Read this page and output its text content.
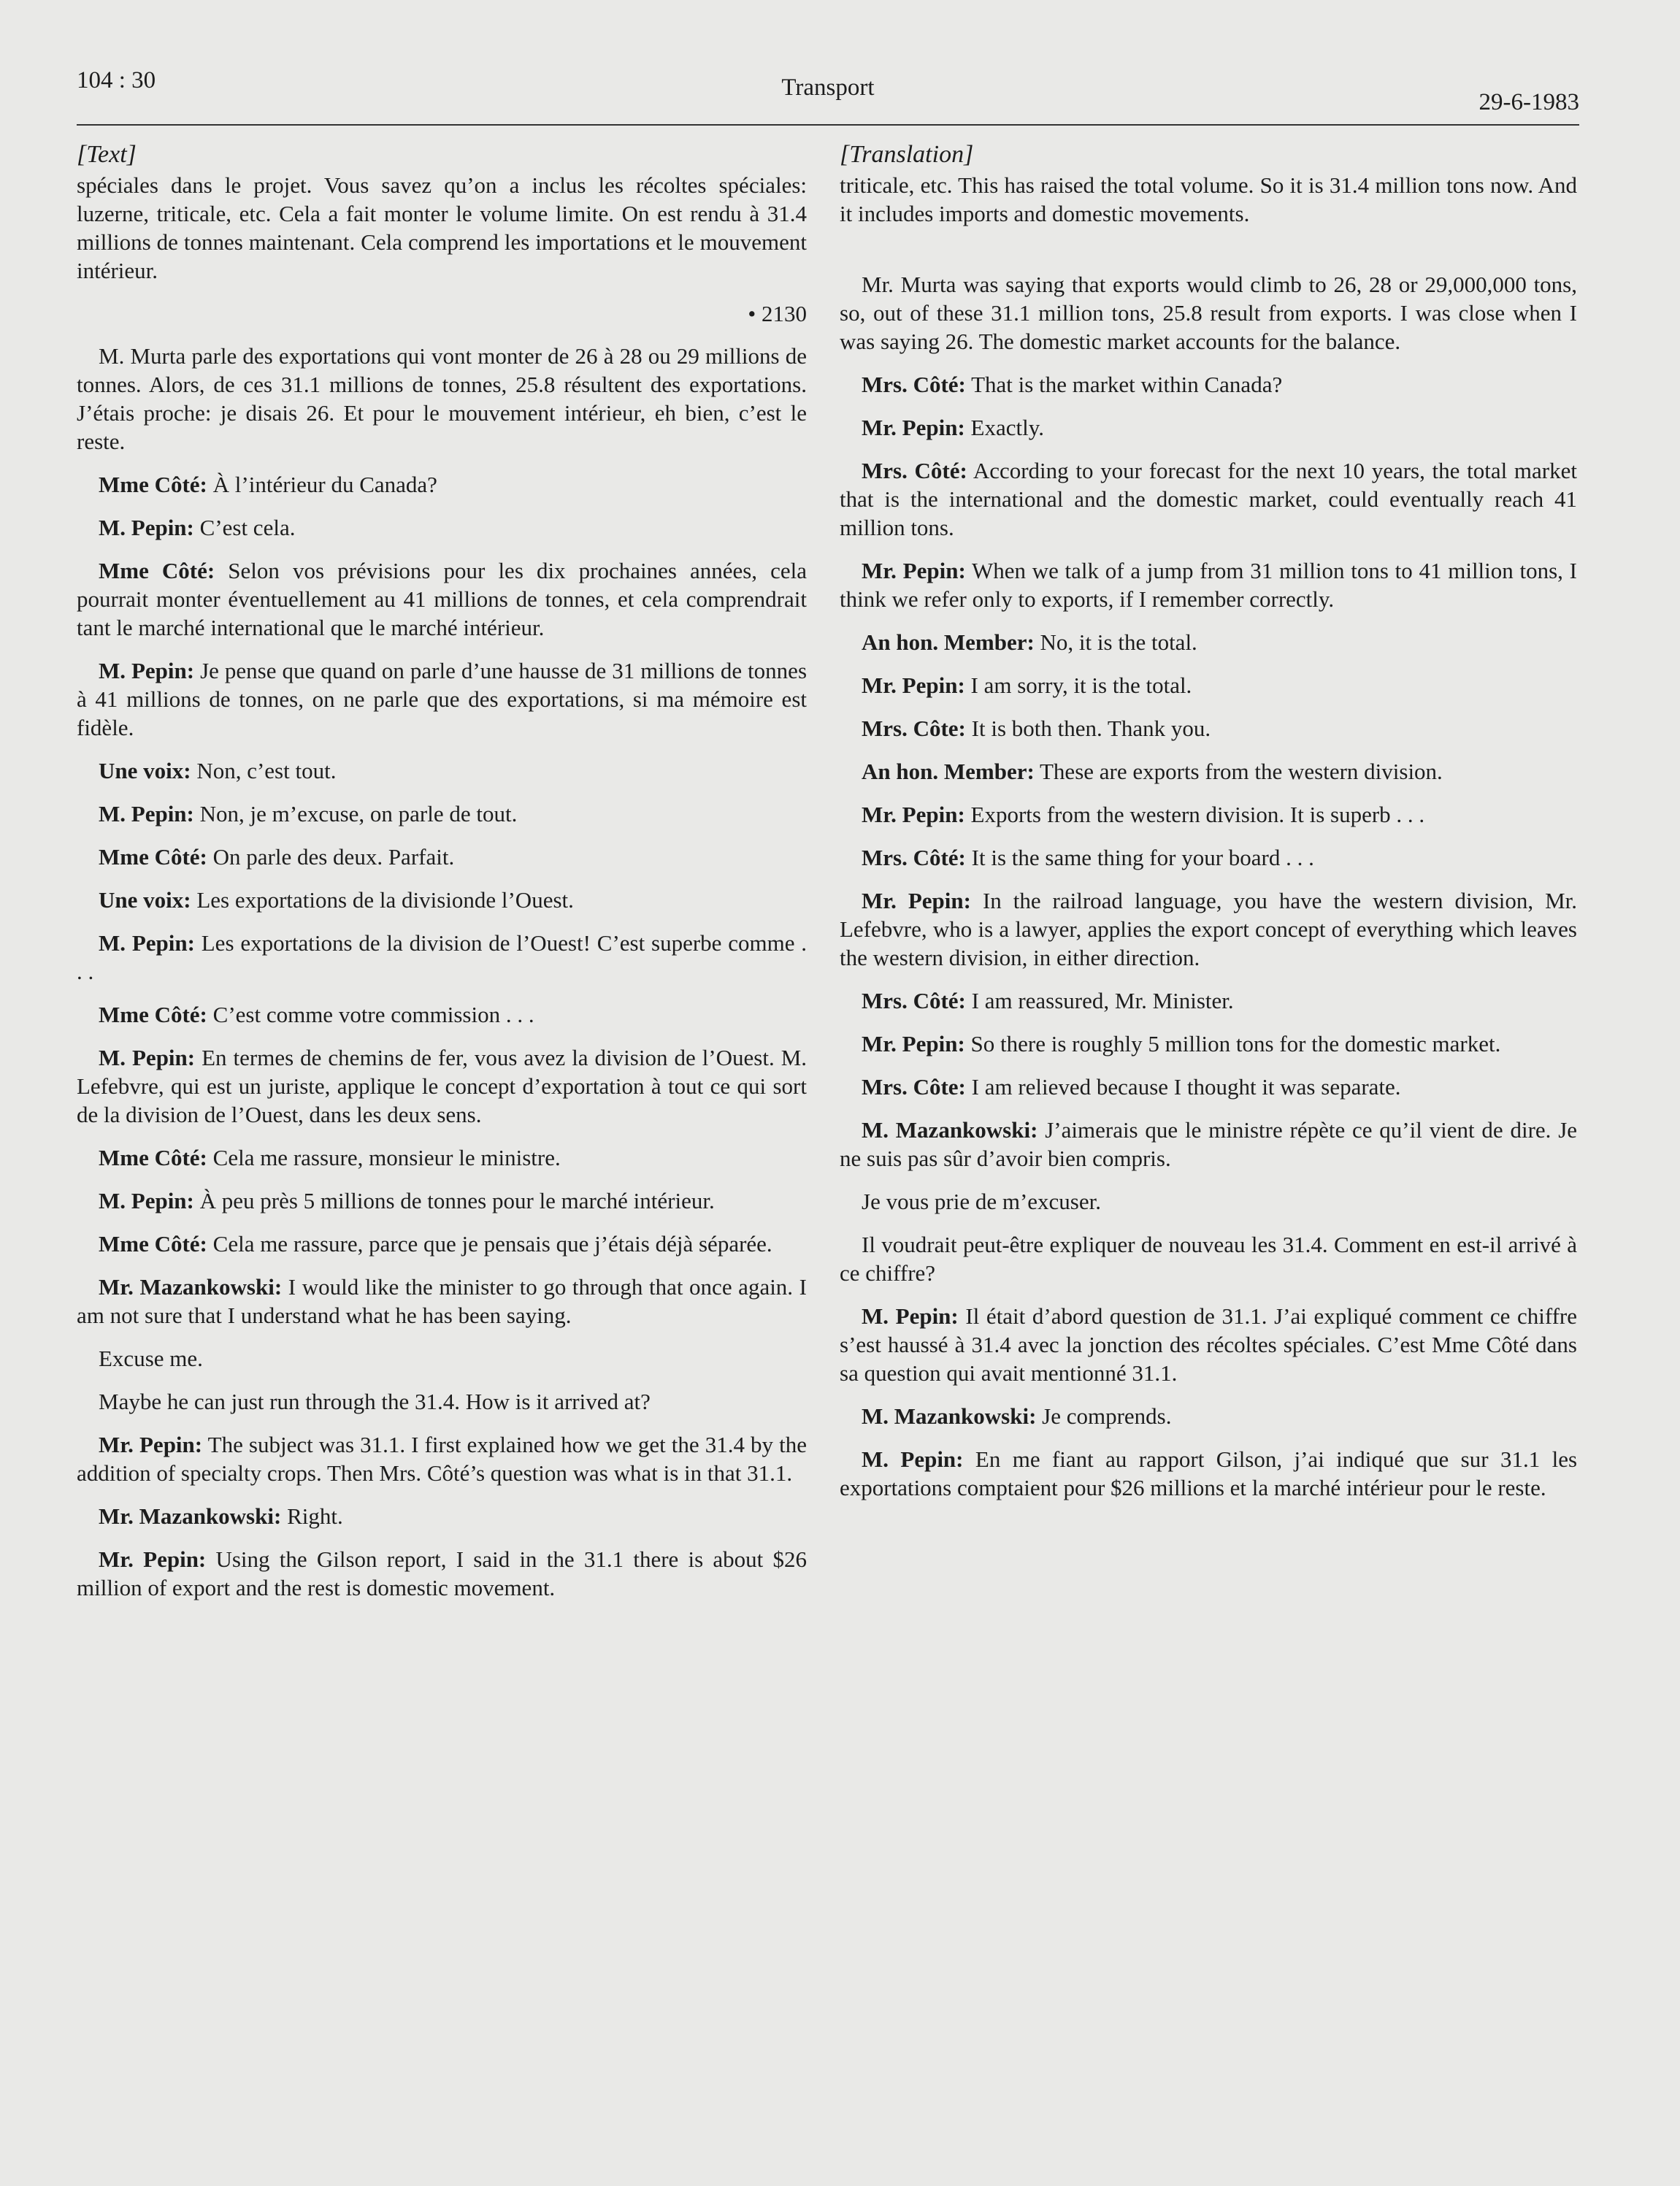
104 : 30	Transport
29-6-1983
[Text]

spéciales dans le projet. Vous savez qu’on a inclus les récoltes spéciales: luzerne, triticale, etc. Cela a fait monter le volume limite. On est rendu à 31.4 millions de tonnes maintenant. Cela comprend les importations et le mouvement intérieur.

• 2130

M. Murta parle des exportations qui vont monter de 26 à 28 ou 29 millions de tonnes. Alors, de ces 31.1 millions de tonnes, 25.8 résultent des exportations. J’étais proche: je disais 26. Et pour le mouvement intérieur, eh bien, c’est le reste.

Mme Côté: À l’intérieur du Canada?

M. Pepin: C’est cela.

Mme Côté: Selon vos prévisions pour les dix prochaines années, cela pourrait monter éventuellement au 41 millions de tonnes, et cela comprendrait tant le marché international que le marché intérieur.

M. Pepin: Je pense que quand on parle d’une hausse de 31 millions de tonnes à 41 millions de tonnes, on ne parle que des exportations, si ma mémoire est fidèle.

Une voix: Non, c’est tout.

M. Pepin: Non, je m’excuse, on parle de tout.

Mme Côté: On parle des deux. Parfait.

Une voix: Les exportations de la divisionde l’Ouest.

M. Pepin: Les exportations de la division de l’Ouest! C’est superbe comme . . .

Mme Côté: C’est comme votre commission . . .

M. Pepin: En termes de chemins de fer, vous avez la division de l’Ouest. M. Lefebvre, qui est un juriste, applique le concept d’exportation à tout ce qui sort de la division de l’Ouest, dans les deux sens.

Mme Côté: Cela me rassure, monsieur le ministre.

M. Pepin: À peu près 5 millions de tonnes pour le marché intérieur.

Mme Côté: Cela me rassure, parce que je pensais que j’étais déjà séparée.

Mr. Mazankowski: I would like the minister to go through that once again. I am not sure that I understand what he has been saying.

Excuse me.

Maybe he can just run through the 31.4. How is it arrived at?

Mr. Pepin: The subject was 31.1. I first explained how we get the 31.4 by the addition of specialty crops. Then Mrs. Côté’s question was what is in that 31.1.

Mr. Mazankowski: Right.

Mr. Pepin: Using the Gilson report, I said in the 31.1 there is about $26 million of export and the rest is domestic movement.

[Translation]

triticale, etc. This has raised the total volume. So it is 31.4 million tons now. And it includes imports and domestic movements.

Mr. Murta was saying that exports would climb to 26, 28 or 29,000,000 tons, so, out of these 31.1 million tons, 25.8 result from exports. I was close when I was saying 26. The domestic market accounts for the balance.

Mrs. Côté: That is the market within Canada?

Mr. Pepin: Exactly.

Mrs. Côté: According to your forecast for the next 10 years, the total market that is the international and the domestic market, could eventually reach 41 million tons.

Mr. Pepin: When we talk of a jump from 31 million tons to 41 million tons, I think we refer only to exports, if I remember correctly.

An hon. Member: No, it is the total.

Mr. Pepin: I am sorry, it is the total.

Mrs. Côte: It is both then. Thank you.

An hon. Member: These are exports from the western division.

Mr. Pepin: Exports from the western division. It is superb . . .

Mrs. Côté: It is the same thing for your board . . .

Mr. Pepin: In the railroad language, you have the western division, Mr. Lefebvre, who is a lawyer, applies the export concept of everything which leaves the western division, in either direction.

Mrs. Côté: I am reassured, Mr. Minister.

Mr. Pepin: So there is roughly 5 million tons for the domestic market.

Mrs. Côte: I am relieved because I thought it was separate.

M. Mazankowski: J’aimerais que le ministre répète ce qu’il vient de dire. Je ne suis pas sûr d’avoir bien compris.

Je vous prie de m’excuser.

Il voudrait peut-être expliquer de nouveau les 31.4. Comment en est-il arrivé à ce chiffre?

M. Pepin: Il était d’abord question de 31.1. J’ai expliqué comment ce chiffre s’est haussé à 31.4 avec la jonction des récoltes spéciales. C’est Mme Côté dans sa question qui avait mentionné 31.1.

M. Mazankowski: Je comprends.

M. Pepin: En me fiant au rapport Gilson, j’ai indiqué que sur 31.1 les exportations comptaient pour $26 millions et la marché intérieur pour le reste.
